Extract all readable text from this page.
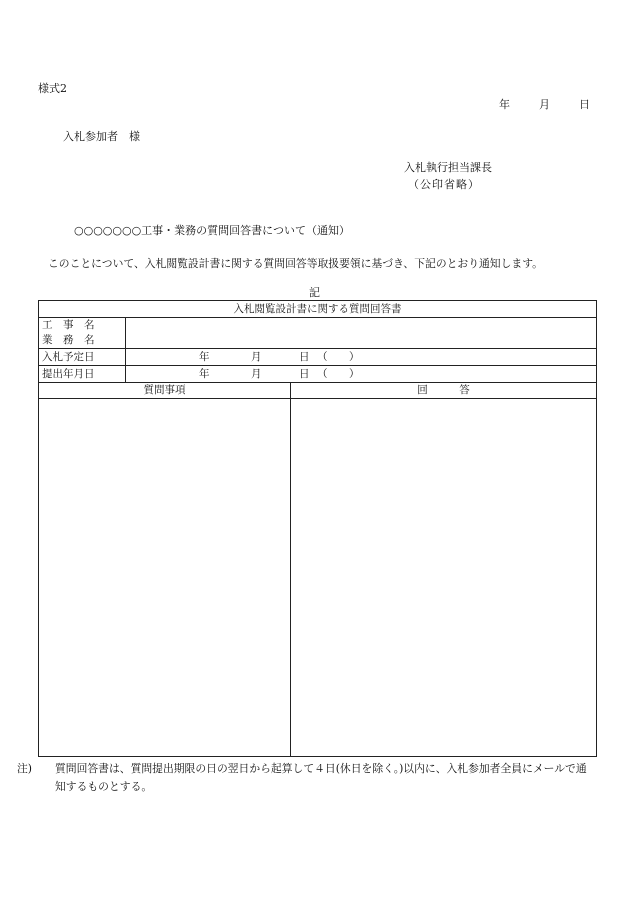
様式2
年	月	日
入札参加者　様
入札執行担当課長
（公印省略）
○○○○○○○工事・業務の質問回答書について（通知）
このことについて、入札閲覧設計書に関する質問回答等取扱要領に基づき、下記のとおり通知します。
記
入札閲覧設計書に関する質問回答書
工　事　名
業　務　名
入札予定日	年	月	日 （ ）
提出年月日	年	月	日 （ ）
質問事項	回　　　答
注)	質問回答書は、質問提出期限の日の翌日から起算して４日(休日を除く。)以内に、入札参加者全員にメールで通知するものとする。
